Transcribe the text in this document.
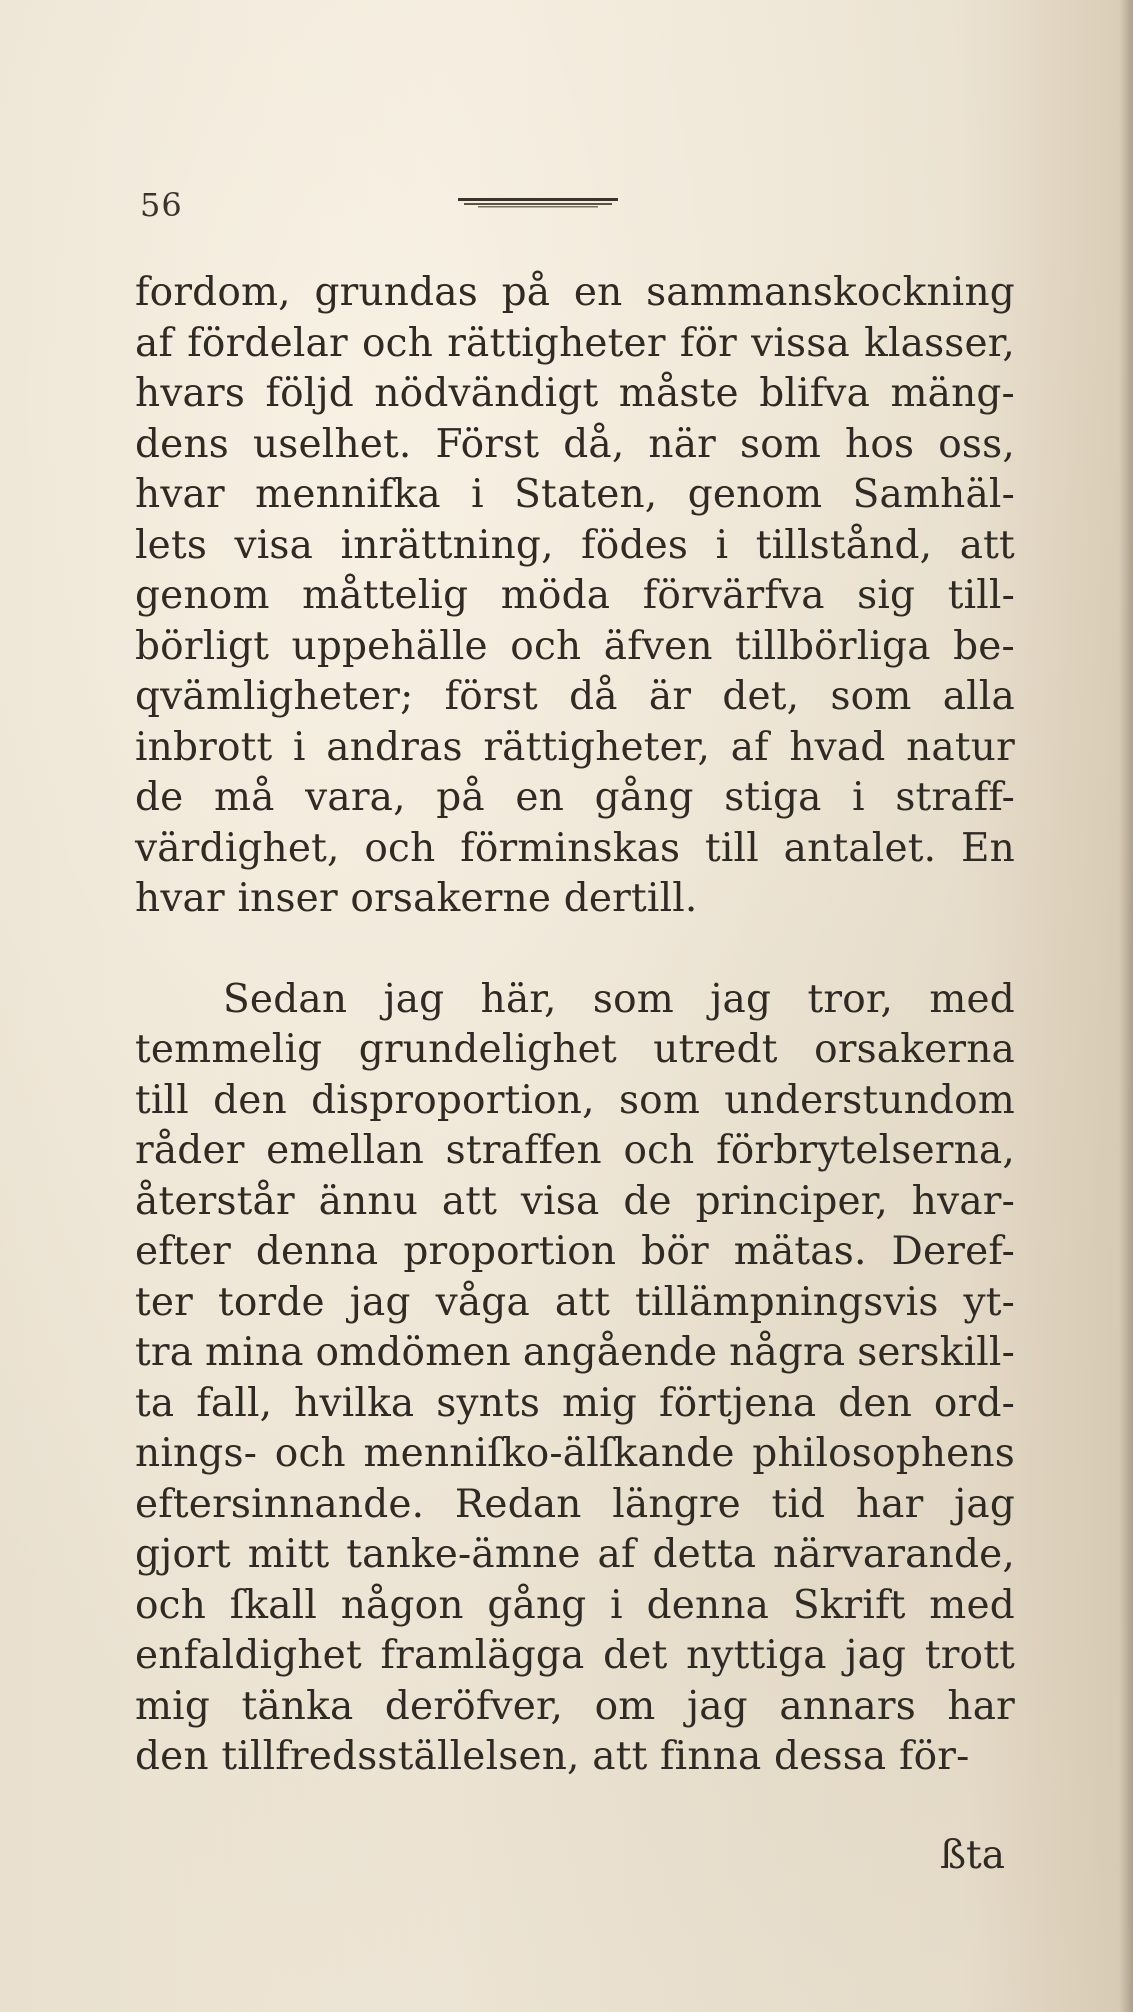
56
fordom, grundas på en sammanskockning
af fördelar och rättigheter för vissa klasser,
hvars följd nödvändigt måste blifva mäng-
dens uselhet. Först då, när som hos oss,
hvar mennifka i Staten, genom Samhäl-
lets visa inrättning, födes i tillstånd, att
genom måttelig möda förvärfva sig till-
börligt uppehälle och äfven tillbörliga be-
qvämligheter; först då är det, som alla
inbrott i andras rättigheter, af hvad natur
de må vara, på en gång stiga i straff-
värdighet, och förminskas till antalet. En
hvar inser orsakerne dertill.
Sedan jag här, som jag tror, med
temmelig grundelighet utredt orsakerna
till den disproportion, som understundom
råder emellan straffen och förbrytelserna,
återstår ännu att visa de principer, hvar-
efter denna proportion bör mätas. Deref-
ter torde jag våga att tillämpningsvis yt-
tra mina omdömen angående några serskill-
ta fall, hvilka synts mig förtjena den ord-
nings- och menniſko-älſkande philosophens
eftersinnande. Redan längre tid har jag
gjort mitt tanke-ämne af detta närvarande,
och ſkall någon gång i denna Skrift med
enfaldighet framlägga det nyttiga jag trott
mig tänka deröfver, om jag annars har
den tillfredsställelsen, att finna dessa för-
ßta
